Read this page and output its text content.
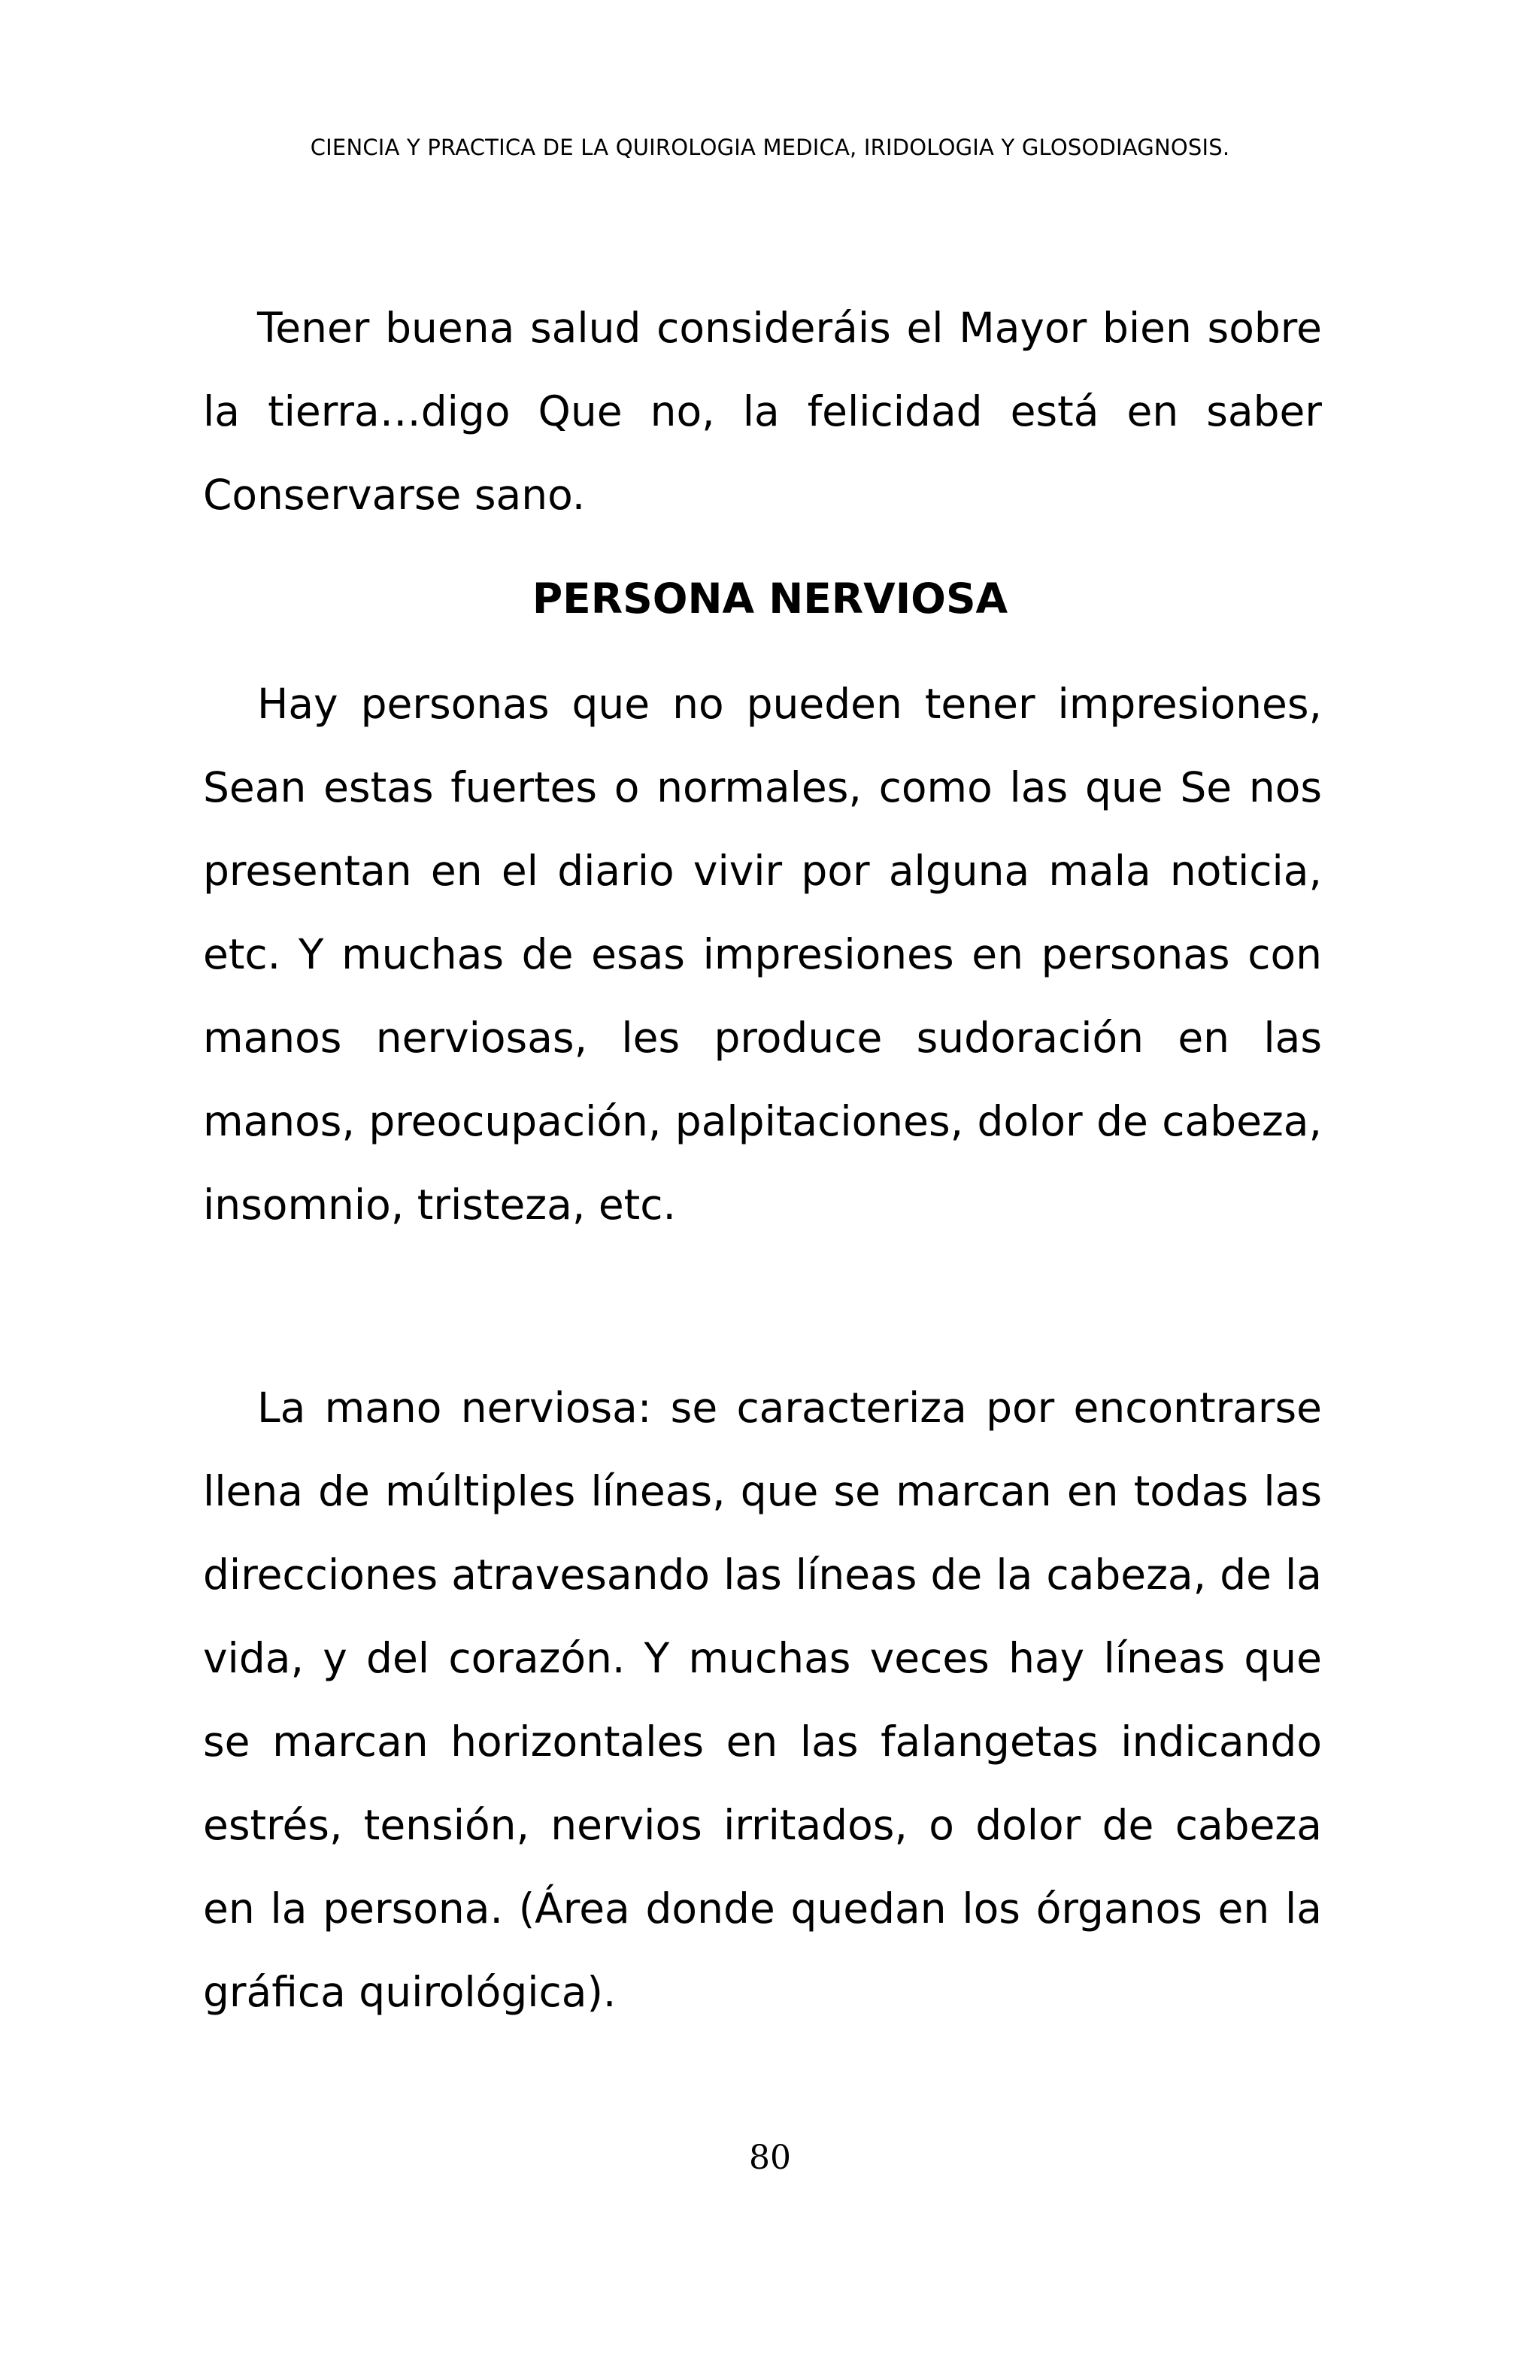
CIENCIA Y PRACTICA DE LA QUIROLOGIA MEDICA, IRIDOLOGIA Y GLOSODIAGNOSIS.

Tener buena salud consideráis el Mayor bien sobre la tierra…digo Que no, la felicidad está en saber Conservarse sano.

PERSONA NERVIOSA

Hay personas que no pueden tener impresiones, Sean estas fuertes o normales, como las que Se nos presentan en el diario vivir por alguna mala noticia, etc. Y muchas de esas impresiones en personas con manos nerviosas, les produce sudoración en las manos, preocupación, palpitaciones, dolor de cabeza, insomnio, tristeza, etc.

La mano nerviosa: se caracteriza por encontrarse llena de múltiples líneas, que se marcan en todas las direcciones atravesando las líneas de la cabeza, de la vida, y del corazón. Y muchas veces hay líneas que se marcan horizontales en las falangetas indicando estrés, tensión, nervios irritados, o dolor de cabeza en la persona. (Área donde quedan los órganos en la gráfica quirológica).

80
